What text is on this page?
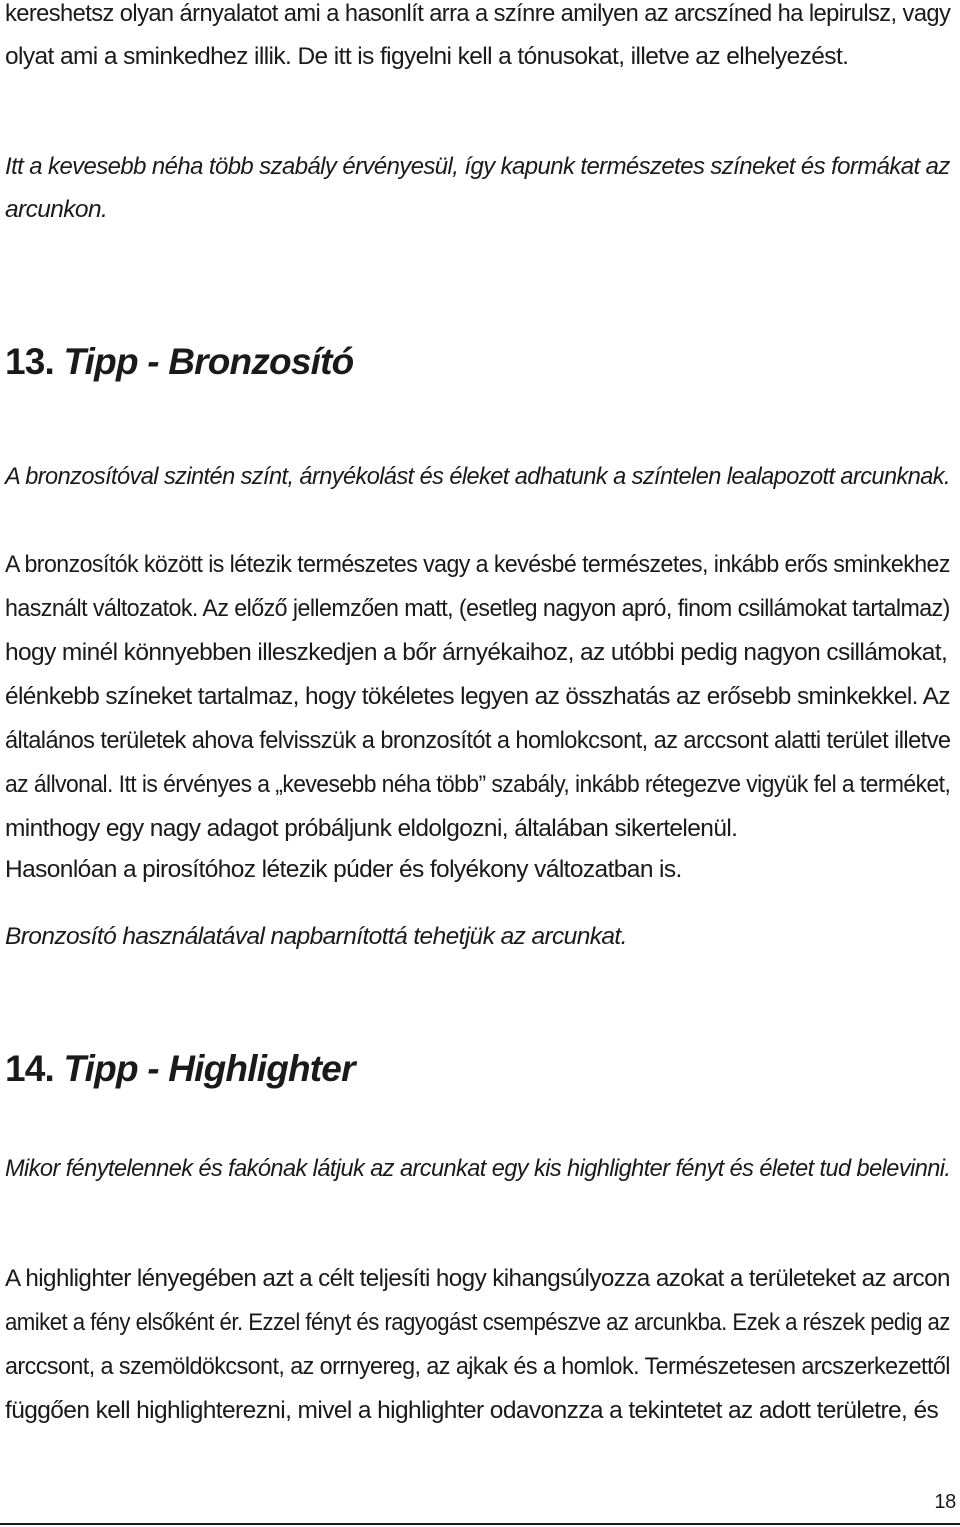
kereshetsz olyan árnyalatot ami a hasonlít arra a színre amilyen az arcszíned ha lepirulsz, vagy
olyat ami a sminkedhez illik. De itt is figyelni kell a tónusokat, illetve az elhelyezést.
Itt a kevesebb néha több szabály érvényesül, így kapunk természetes színeket és formákat az
arcunkon.
13. Tipp - Bronzosító
A bronzosítóval szintén színt, árnyékolást és éleket adhatunk a színtelen lealapozott arcunknak.
A bronzosítók között is létezik természetes vagy a kevésbé természetes, inkább erős sminkekhez
használt változatok. Az előző jellemzően matt, (esetleg nagyon apró, finom csillámokat tartalmaz)
hogy minél könnyebben illeszkedjen a bőr árnyékaihoz, az utóbbi pedig nagyon csillámokat,
élénkebb színeket tartalmaz, hogy tökéletes legyen az összhatás az erősebb sminkekkel. Az
általános területek ahova felvisszük a bronzosítót a homlokcsont, az arccsont alatti terület illetve
az állvonal. Itt is érvényes a „kevesebb néha több” szabály, inkább rétegezve vigyük fel a terméket,
minthogy egy nagy adagot próbáljunk eldolgozni, általában sikertelenül.
Hasonlóan a pirosítóhoz létezik púder és folyékony változatban is.
Bronzosító használatával napbarnítottá tehetjük az arcunkat.
14. Tipp - Highlighter
Mikor fénytelennek és fakónak látjuk az arcunkat egy kis highlighter fényt és életet tud belevinni.
A highlighter lényegében azt a célt teljesíti hogy kihangsúlyozza azokat a területeket az arcon
amiket a fény elsőként ér. Ezzel fényt és ragyogást csempészve az arcunkba. Ezek a részek pedig az
arccsont, a szemöldökcsont, az orrnyereg, az ajkak és a homlok. Természetesen arcszerkezettől
függően kell highlighterezni, mivel a highlighter odavonzza a tekintetet az adott területre, és
18
